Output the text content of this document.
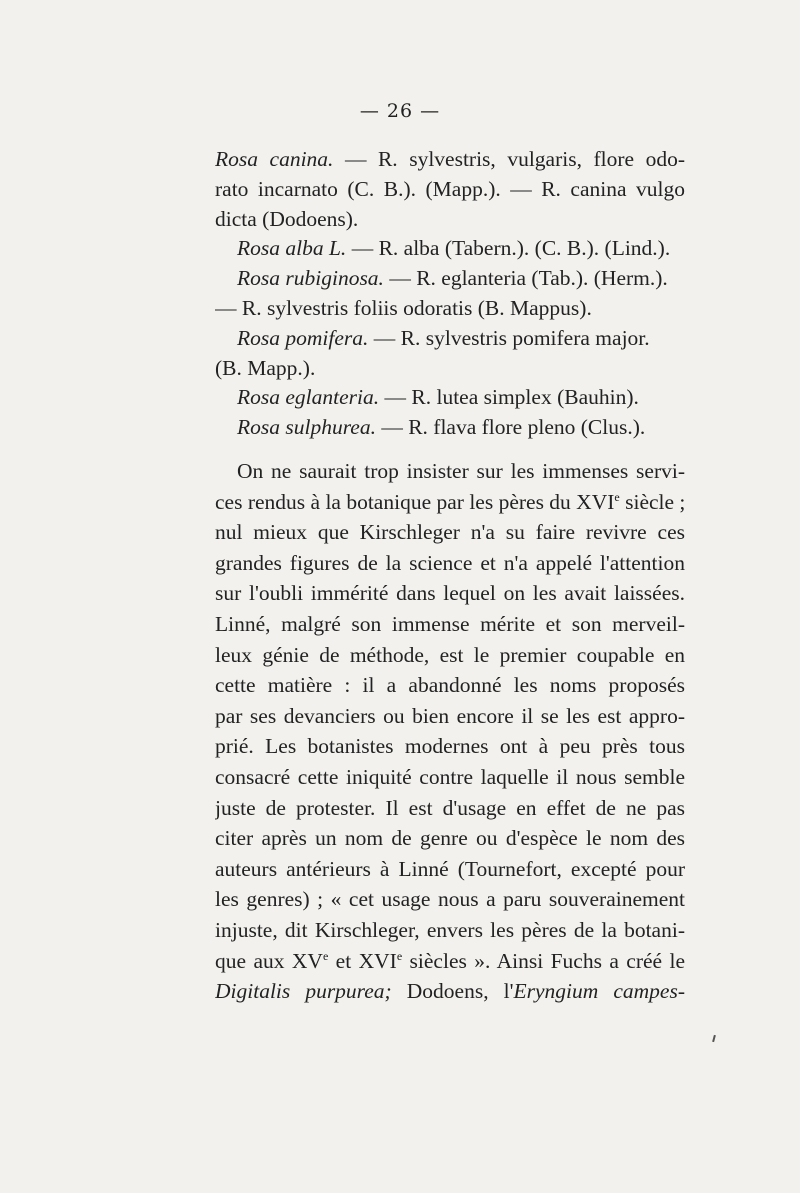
— 26 —
Rosa canina. — R. sylvestris, vulgaris, flore odo-
rato incarnato (C. B.). (Mapp.). — R. canina vulgo
dicta (Dodoens).
Rosa alba L. — R. alba (Tabern.). (C. B.). (Lind.).
Rosa rubiginosa. — R. eglanteria (Tab.). (Herm.).
— R. sylvestris foliis odoratis (B. Mappus).
Rosa pomifera. — R. sylvestris pomifera major.
(B. Mapp.).
Rosa eglanteria. — R. lutea simplex (Bauhin).
Rosa sulphurea. — R. flava flore pleno (Clus.).
On ne saurait trop insister sur les immenses servi-
ces rendus à la botanique par les pères du XVIe siècle ;
nul mieux que Kirschleger n'a su faire revivre ces
grandes figures de la science et n'a appelé l'attention
sur l'oubli immérité dans lequel on les avait laissées.
Linné, malgré son immense mérite et son merveil-
leux génie de méthode, est le premier coupable en
cette matière : il a abandonné les noms proposés
par ses devanciers ou bien encore il se les est appro-
prié. Les botanistes modernes ont à peu près tous
consacré cette iniquité contre laquelle il nous semble
juste de protester. Il est d'usage en effet de ne pas
citer après un nom de genre ou d'espèce le nom des
auteurs antérieurs à Linné (Tournefort, excepté pour
les genres) ; « cet usage nous a paru souverainement
injuste, dit Kirschleger, envers les pères de la botani-
que aux XVe et XVIe siècles ». Ainsi Fuchs a créé le
Digitalis purpurea; Dodoens, l'Eryngium campes-
